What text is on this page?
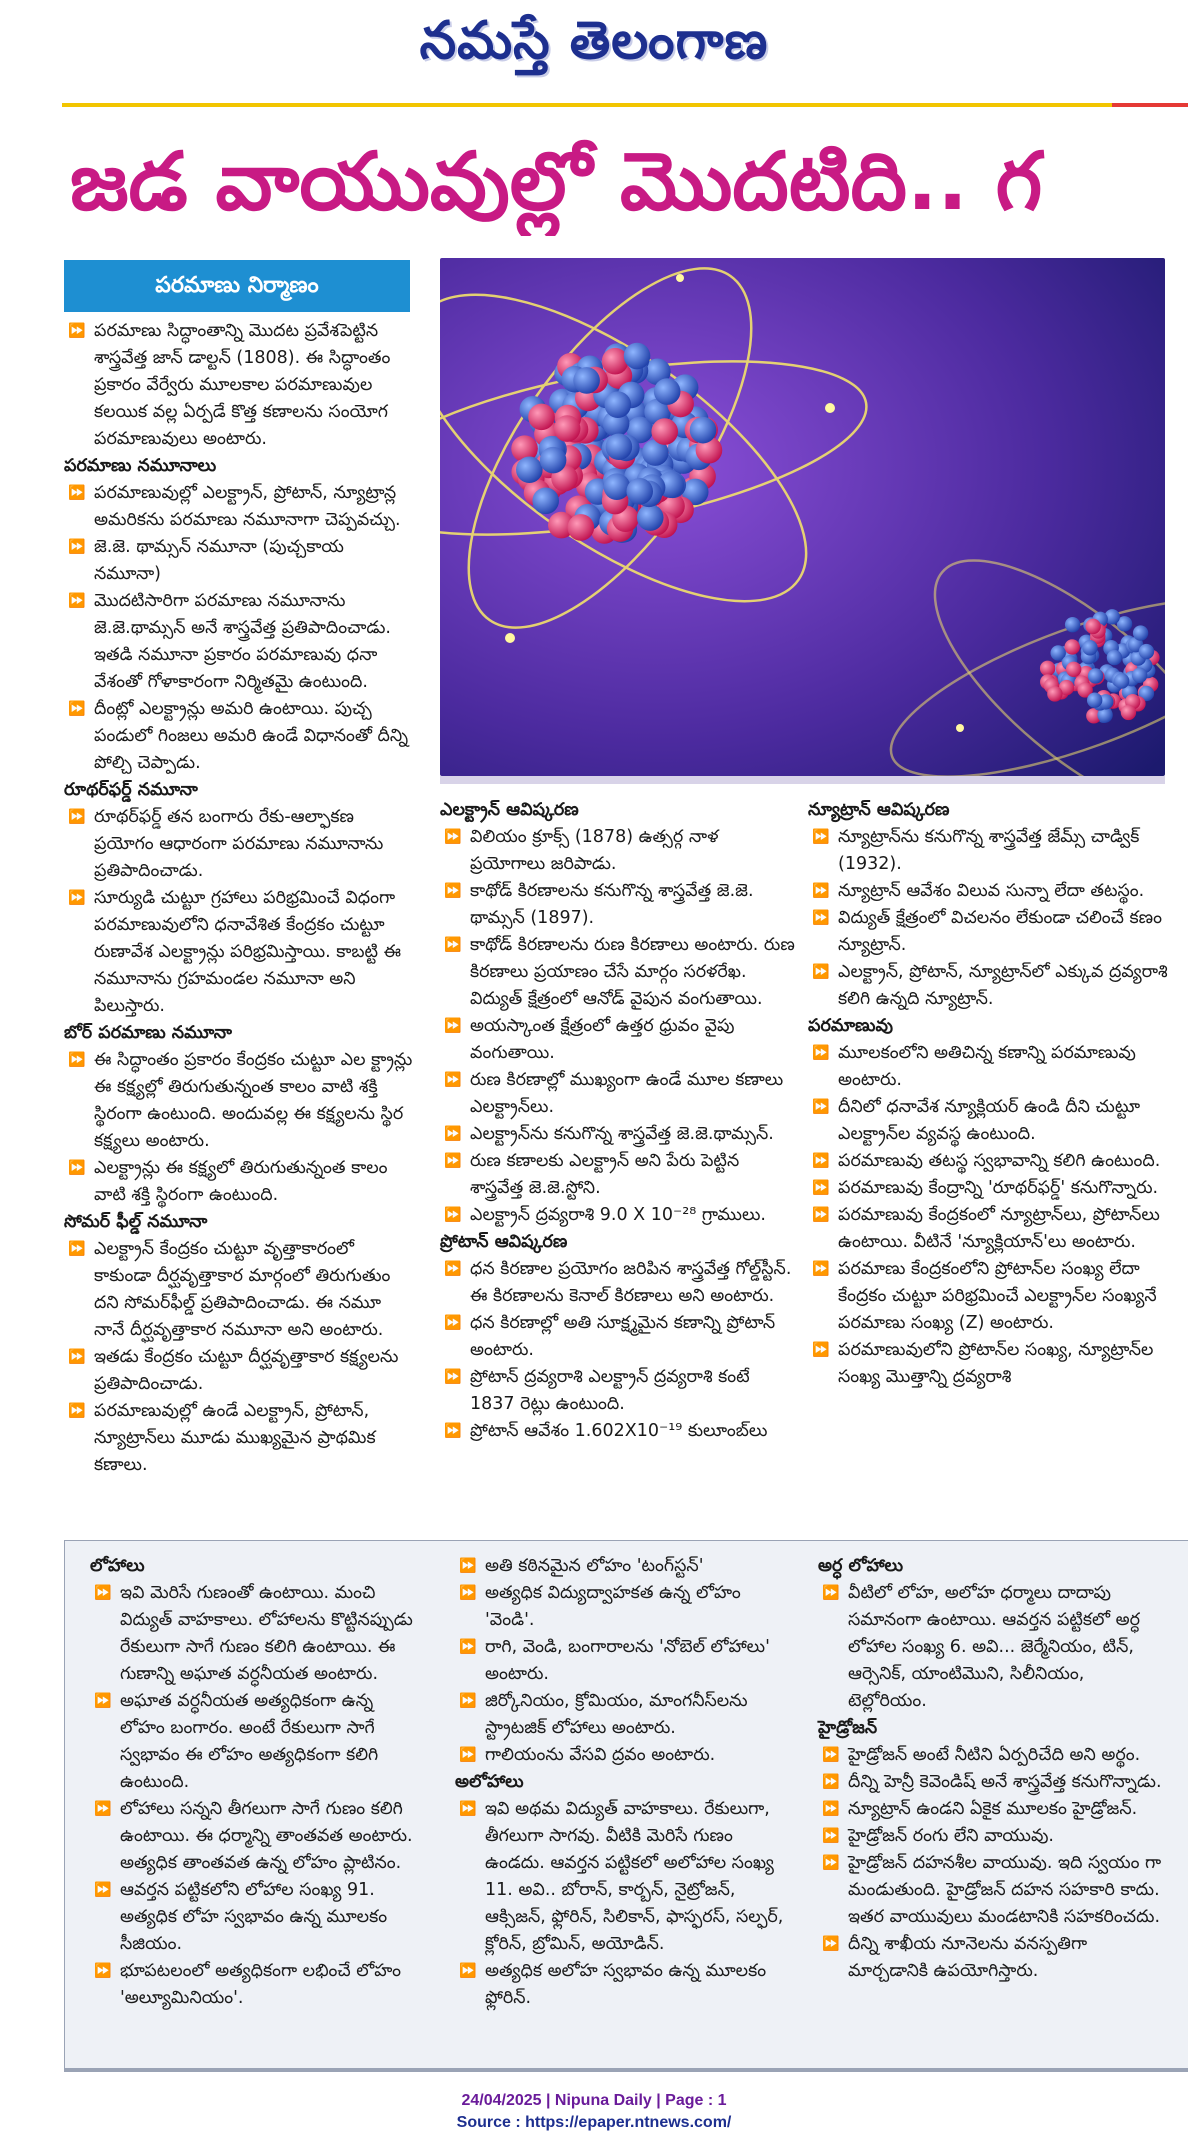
నమస్తే తెలంగాణ
జడ వాయువుల్లో మొదటిది.. గ
పరమాణు నిర్మాణం
⏩ పరమాణు సిద్ధాంతాన్ని మొదట ప్రవేశపెట్టిన శాస్త్రవేత్త జాన్ డాల్టన్ (1808). ఈ సిద్ధాంతం ప్రకారం వేర్వేరు మూలకాల పరమాణువుల కలయిక వల్ల ఏర్పడే కొత్త కణాలను సంయోగ పరమాణువులు అంటారు.
పరమాణు నమూనాలు
⏩ పరమాణువుల్లో ఎలక్ట్రాన్, ప్రోటాన్, న్యూట్రాన్ల అమరికను పరమాణు నమూనాగా చెప్పవచ్చు.
⏩ జె.జె. థామ్సన్ నమూనా (పుచ్చకాయ నమూనా)
⏩ మొదటిసారిగా పరమాణు నమూనాను జె.జె.థామ్సన్ అనే శాస్త్రవేత్త ప్రతిపాదించాడు. ఇతడి నమూనా ప్రకారం పరమాణువు ధనా వేశంతో గోళాకారంగా నిర్మితమై ఉంటుంది.
⏩ దీంట్లో ఎలక్ట్రాన్లు అమరి ఉంటాయి. పుచ్చ పండులో గింజలు అమరి ఉండే విధానంతో దీన్ని పోల్చి చెప్పాడు.
రూథర్‌ఫర్డ్ నమూనా
⏩ రూథర్‌ఫర్డ్ తన బంగారు రేకు-ఆల్ఫాకణ ప్రయోగం ఆధారంగా పరమాణు నమూనాను ప్రతిపాదించాడు.
⏩ సూర్యుడి చుట్టూ గ్రహాలు పరిభ్రమించే విధంగా పరమాణువులోని ధనావేశిత కేంద్రకం చుట్టూ రుణావేశ ఎలక్ట్రాన్లు పరిభ్రమిస్తాయి. కాబట్టి ఈ నమూనాను గ్రహమండల నమూనా అని పిలుస్తారు.
బోర్ పరమాణు నమూనా
⏩ ఈ సిద్ధాంతం ప్రకారం కేంద్రకం చుట్టూ ఎల క్ట్రాన్లు ఈ కక్ష్యల్లో తిరుగుతున్నంత కాలం వాటి శక్తి స్థిరంగా ఉంటుంది. అందువల్ల ఈ కక్ష్యలను స్థిర కక్ష్యలు అంటారు.
⏩ ఎలక్ట్రాన్లు ఈ కక్ష్యలో తిరుగుతున్నంత కాలం వాటి శక్తి స్థిరంగా ఉంటుంది.
సోమర్ ఫీల్డ్ నమూనా
⏩ ఎలక్ట్రాన్ కేంద్రకం చుట్టూ వృత్తాకారంలో కాకుండా దీర్ఘవృత్తాకార మార్గంలో తిరుగుతుం దని సోమర్‌ఫీల్డ్ ప్రతిపాదించాడు. ఈ నమూ నానే దీర్ఘవృత్తాకార నమూనా అని అంటారు.
⏩ ఇతడు కేంద్రకం చుట్టూ దీర్ఘవృత్తాకార కక్ష్యలను ప్రతిపాదించాడు.
⏩ పరమాణువుల్లో ఉండే ఎలక్ట్రాన్, ప్రోటాన్, న్యూట్రాన్‌లు మూడు ముఖ్యమైన ప్రాథమిక కణాలు.
ఎలక్ట్రాన్ ఆవిష్కరణ
⏩ విలియం క్రూక్స్ (1878) ఉత్సర్గ నాళ ప్రయోగాలు జరిపాడు.
⏩ కాథోడ్ కిరణాలను కనుగొన్న శాస్త్రవేత్త జె.జె. థామ్సన్ (1897).
⏩ కాథోడ్ కిరణాలను రుణ కిరణాలు అంటారు. రుణ కిరణాలు ప్రయాణం చేసే మార్గం సరళరేఖ. విద్యుత్ క్షేత్రంలో ఆనోడ్ వైపున వంగుతాయి.
⏩ అయస్కాంత క్షేత్రంలో ఉత్తర ధ్రువం వైపు వంగుతాయి.
⏩ రుణ కిరణాల్లో ముఖ్యంగా ఉండే మూల కణాలు ఎలక్ట్రాన్‌లు.
⏩ ఎలక్ట్రాన్‌ను కనుగొన్న శాస్త్రవేత్త జె.జె.థామ్సన్.
⏩ రుణ కణాలకు ఎలక్ట్రాన్ అని పేరు పెట్టిన శాస్త్రవేత్త జె.జె.స్టోని.
⏩ ఎలక్ట్రాన్ ద్రవ్యరాశి 9.0 X 10⁻²⁸ గ్రాములు.
ప్రోటాన్ ఆవిష్కరణ
⏩ ధన కిరణాల ప్రయోగం జరిపిన శాస్త్రవేత్త గోల్డ్‌స్టీన్. ఈ కిరణాలను కెనాల్ కిరణాలు అని అంటారు.
⏩ ధన కిరణాల్లో అతి సూక్ష్మమైన కణాన్ని ప్రోటాన్ అంటారు.
⏩ ప్రోటాన్ ద్రవ్యరాశి ఎలక్ట్రాన్ ద్రవ్యరాశి కంటే 1837 రెట్లు ఉంటుంది.
⏩ ప్రోటాన్ ఆవేశం 1.602X10⁻¹⁹ కులూంబ్‌లు
న్యూట్రాన్ ఆవిష్కరణ
⏩ న్యూట్రాన్‌ను కనుగొన్న శాస్త్రవేత్త జేమ్స్ చాడ్విక్ (1932).
⏩ న్యూట్రాన్ ఆవేశం విలువ సున్నా లేదా తటస్థం.
⏩ విద్యుత్ క్షేత్రంలో విచలనం లేకుండా చలించే కణం న్యూట్రాన్.
⏩ ఎలక్ట్రాన్, ప్రోటాన్, న్యూట్రాన్‌లో ఎక్కువ ద్రవ్యరాశి కలిగి ఉన్నది న్యూట్రాన్.
పరమాణువు
⏩ మూలకంలోని అతిచిన్న కణాన్ని పరమాణువు అంటారు.
⏩ దీనిలో ధనావేశ న్యూక్లియర్ ఉండి దీని చుట్టూ ఎలక్ట్రాన్‌ల వ్యవస్థ ఉంటుంది.
⏩ పరమాణువు తటస్థ స్వభావాన్ని కలిగి ఉంటుంది.
⏩ పరమాణువు కేంద్రాన్ని 'రూథర్‌ఫర్డ్' కనుగొన్నారు.
⏩ పరమాణువు కేంద్రకంలో న్యూట్రాన్‌లు, ప్రోటాన్‌లు ఉంటాయి. వీటినే 'న్యూక్లియాన్'లు అంటారు.
⏩ పరమాణు కేంద్రకంలోని ప్రోటాన్‌ల సంఖ్య లేదా కేంద్రకం చుట్టూ పరిభ్రమించే ఎలక్ట్రాన్‌ల సంఖ్యనే పరమాణు సంఖ్య (Z) అంటారు.
⏩ పరమాణువులోని ప్రోటాన్‌ల సంఖ్య, న్యూట్రాన్‌ల సంఖ్య మొత్తాన్ని ద్రవ్యరాశి
లోహాలు
⏩ ఇవి మెరిసే గుణంతో ఉంటాయి. మంచి విద్యుత్ వాహకాలు. లోహాలను కొట్టినప్పుడు రేకులుగా సాగే గుణం కలిగి ఉంటాయి. ఈ గుణాన్ని అఘాత వర్ధనీయత అంటారు.
⏩ అఘాత వర్ధనీయత అత్యధికంగా ఉన్న లోహం బంగారం. అంటే రేకులుగా సాగే స్వభావం ఈ లోహం అత్యధికంగా కలిగి ఉంటుంది.
⏩ లోహాలు సన్నని తీగలుగా సాగే గుణం కలిగి ఉంటాయి. ఈ ధర్మాన్ని తాంతవత అంటారు. అత్యధిక తాంతవత ఉన్న లోహం ప్లాటినం.
⏩ ఆవర్తన పట్టికలోని లోహాల సంఖ్య 91. అత్యధిక లోహ స్వభావం ఉన్న మూలకం సీజియం.
⏩ భూపటలంలో అత్యధికంగా లభించే లోహం 'అల్యూమినియం'.
⏩ అతి కఠినమైన లోహం 'టంగ్‌స్టన్'
⏩ అత్యధిక విద్యుద్వాహకత ఉన్న లోహం 'వెండి'.
⏩ రాగి, వెండి, బంగారాలను 'నోబెల్ లోహాలు' అంటారు.
⏩ జిర్కోనియం, క్రోమియం, మాంగనీస్‌లను స్ట్రాటజిక్ లోహాలు అంటారు.
⏩ గాలియంను వేసవి ద్రవం అంటారు.
అలోహాలు
⏩ ఇవి అథమ విద్యుత్ వాహకాలు. రేకులుగా, తీగలుగా సాగవు. వీటికి మెరిసే గుణం ఉండదు. ఆవర్తన పట్టికలో అలోహాల సంఖ్య 11. అవి.. బోరాన్, కార్బన్, నైట్రోజన్, ఆక్సిజన్, ఫ్లోరిన్, సిలికాన్, ఫాస్ఫరస్, సల్ఫర్, క్లోరిన్, బ్రోమిన్, అయోడిన్.
⏩ అత్యధిక అలోహ స్వభావం ఉన్న మూలకం ఫ్లోరిన్.
అర్ధ లోహాలు
⏩ వీటిలో లోహ, అలోహ ధర్మాలు దాదాపు సమానంగా ఉంటాయి. ఆవర్తన పట్టికలో అర్ధ లోహాల సంఖ్య 6. అవి... జెర్మేనియం, టిన్, ఆర్సెనిక్, యాంటిమొని, సిలీనియం, టెల్లోరియం.
హైడ్రోజన్
⏩ హైడ్రోజన్ అంటే నీటిని ఏర్పరిచేది అని అర్థం.
⏩ దీన్ని హెన్రీ కెవెండిష్ అనే శాస్త్రవేత్త కనుగొన్నాడు.
⏩ న్యూట్రాన్ ఉండని ఏకైక మూలకం హైడ్రోజన్.
⏩ హైడ్రోజన్ రంగు లేని వాయువు.
⏩ హైడ్రోజన్ దహనశీల వాయువు. ఇది స్వయం గా మండుతుంది. హైడ్రోజన్ దహన సహకారి కాదు. ఇతర వాయువులు మండటానికి సహకరించదు.
⏩ దీన్ని శాఖీయ నూనెలను వనస్పతిగా మార్చడానికి ఉపయోగిస్తారు.
24/04/2025 | Nipuna Daily | Page : 1
Source : https://epaper.ntnews.com/
